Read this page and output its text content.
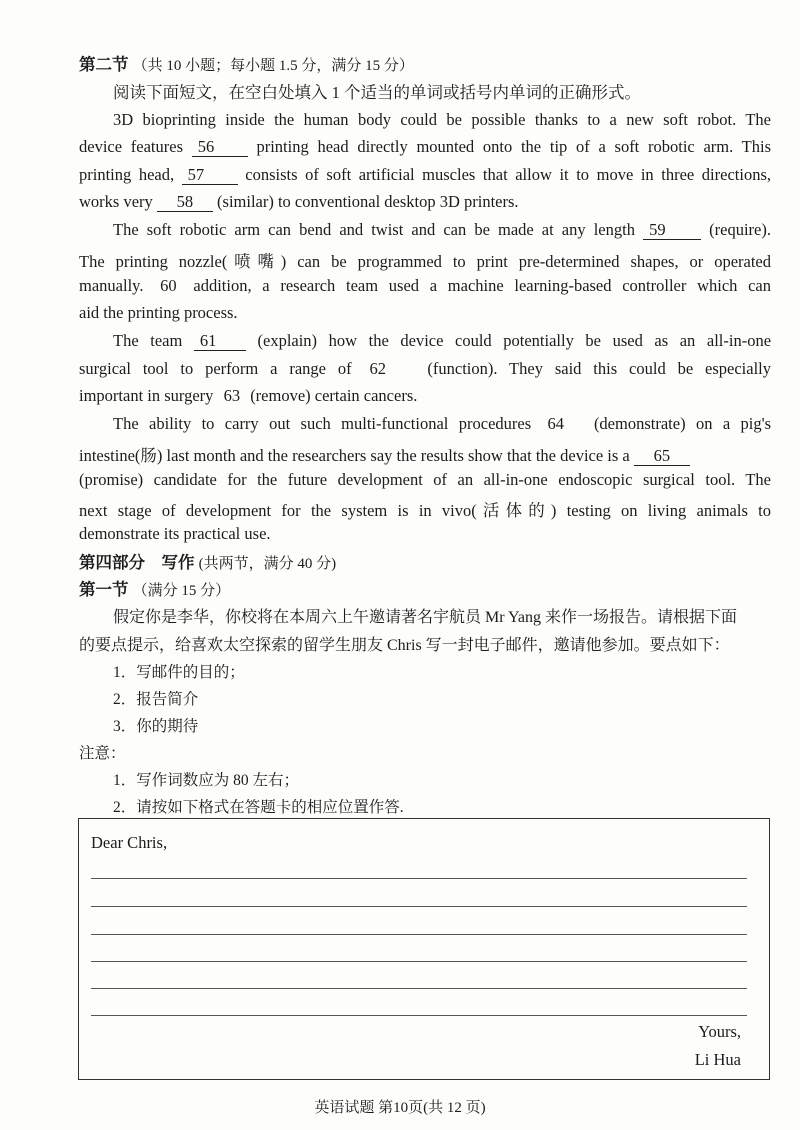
第二节 （共 10 小题；每小题 1.5 分，满分 15 分）
阅读下面短文，在空白处填入 1 个适当的单词或括号内单词的正确形式。
3D bioprinting inside the human body could be possible thanks to a new soft robot. The
device features 56	printing head directly mounted onto the tip of a soft robotic arm. This
printing head, 57 consists of soft artificial muscles that allow it to move in three directions,
works very 58 (similar) to conventional desktop 3D printers.
The soft robotic arm can bend and twist and can be made at any length 59	(require).
The printing nozzle(喷嘴) can be programmed to print pre-determined shapes, or operated
manually. 60 addition, a research team used a machine learning-based controller which can
aid the printing process.
The team 61 (explain) how the device could potentially be used as an all-in-one
surgical tool to perform a range of 62	(function). They said this could be especially
important in surgery 63 (remove) certain cancers.
The ability to carry out such multi-functional procedures 64 (demonstrate) on a pig's
intestine(肠) last month and the researchers say the results show that the device is a 65
(promise) candidate for the future development of an all-in-one endoscopic surgical tool. The
next stage of development for the system is in vivo(活体的) testing on living animals to
demonstrate its practical use.
第四部分　写作 (共两节，满分 40 分)
第一节 （满分 15 分）
假定你是李华，你校将在本周六上午邀请著名宇航员 Mr Yang 来作一场报告。请根据下面
的要点提示，给喜欢太空探索的留学生朋友 Chris 写一封电子邮件，邀请他参加。要点如下：
1．写邮件的目的；
2．报告简介
3．你的期待
注意：
1．写作词数应为 80 左右；
2．请按如下格式在答题卡的相应位置作答.
Dear Chris,
Yours,
Li Hua
英语试题 第10页(共 12 页)
